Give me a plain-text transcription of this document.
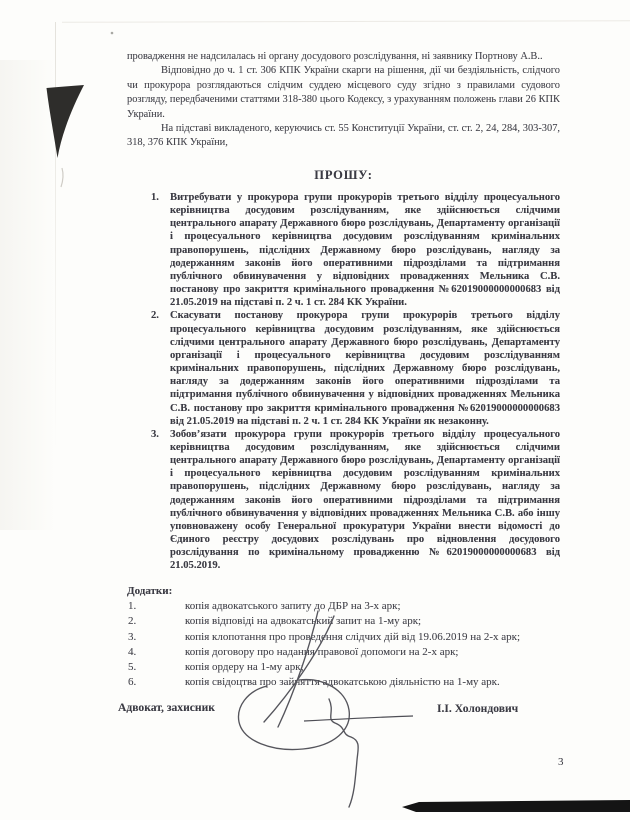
провадження не надсилалась ні органу досудового розслідування, ні заявнику Портнову А.В..

Відповідно до ч. 1 ст. 306 КПК України скарги на рішення, дії чи бездіяльність, слідчого чи прокурора розглядаються слідчим суддею місцевого суду згідно з правилами судового розгляду, передбаченими статтями 318-380 цього Кодексу, з урахуванням положень глави 26 КПК України.

На підставі викладеного, керуючись ст. 55 Конституції України, ст. ст. 2, 24, 284, 303-307, 318, 376 КПК України,

ПРОШУ:

1. Витребувати у прокурора групи прокурорів третього відділу процесуального керівництва досудовим розслідуванням, яке здійснюється слідчими центрального апарату Державного бюро розслідувань, Департаменту організації і процесуального керівництва досудовим розслідуванням кримінальних правопорушень, підслідних Державному бюро розслідувань, нагляду за додержанням законів його оперативними підрозділами та підтримання публічного обвинувачення у відповідних провадженнях Мельника С.В. постанову про закриття кримінального провадження №62019000000000683 від 21.05.2019 на підставі п. 2 ч. 1 ст. 284 КК України.

2. Скасувати постанову прокурора групи прокурорів третього відділу процесуального керівництва досудовим розслідуванням, яке здійснюється слідчими центрального апарату Державного бюро розслідувань, Департаменту організації і процесуального керівництва досудовим розслідуванням кримінальних правопорушень, підслідних Державному бюро розслідувань, нагляду за додержанням законів його оперативними підрозділами та підтримання публічного обвинувачення у відповідних провадженнях Мельника С.В. постанову про закриття кримінального провадження №62019000000000683 від 21.05.2019 на підставі п. 2 ч. 1 ст. 284 КК України як незаконну.

3. Зобов’язати прокурора групи прокурорів третього відділу процесуального керівництва досудовим розслідуванням, яке здійснюється слідчими центрального апарату Державного бюро розслідувань, Департаменту організації і процесуального керівництва досудовим розслідуванням кримінальних правопорушень, підслідних Державному бюро розслідувань, нагляду за додержанням законів його оперативними підрозділами та підтримання публічного обвинувачення у відповідних провадженнях Мельника С.В. або іншу уповноважену особу Генеральної прокуратури України внести відомості до Єдиного реєстру досудових розслідувань про відновлення досудового розслідування по кримінальному провадженню №62019000000000683 від 21.05.2019.

Додатки:

1.	копія адвокатського запиту до ДБР на 3-х арк;

2.	копія відповіді на адвокатський запит на 1-му арк;

3.	копія клопотання про проведення слідчих дій від 19.06.2019 на 2-х арк;

4.	копія договору про надання правової допомоги на 2-х арк;

5.	копія ордеру на 1-му арк;

6.	копія свідоцтва про зайняття адвокатською діяльністю на 1-му арк.

Адвокат, захисник	І.І. Холондович
3
